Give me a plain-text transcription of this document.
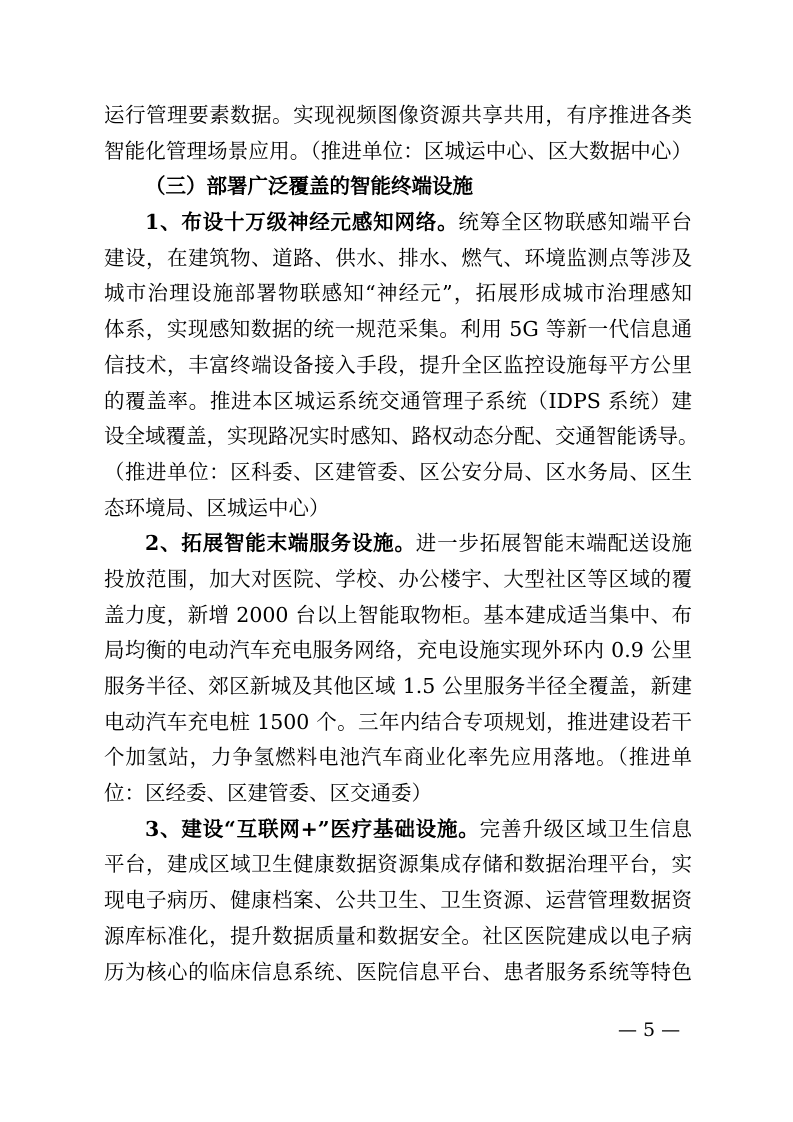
运行管理要素数据。实现视频图像资源共享共用，有序推进各类
智能化管理场景应用。（推进单位：区城运中心、区大数据中心）
（三）部署广泛覆盖的智能终端设施
1、布设十万级神经元感知网络。统筹全区物联感知端平台
建设，在建筑物、道路、供水、排水、燃气、环境监测点等涉及
城市治理设施部署物联感知“神经元”，拓展形成城市治理感知
体系，实现感知数据的统一规范采集。利用 5G 等新一代信息通
信技术，丰富终端设备接入手段，提升全区监控设施每平方公里
的覆盖率。推进本区城运系统交通管理子系统（IDPS 系统）建
设全域覆盖，实现路况实时感知、路权动态分配、交通智能诱导。
（推进单位：区科委、区建管委、区公安分局、区水务局、区生
态环境局、区城运中心）
2、拓展智能末端服务设施。进一步拓展智能末端配送设施
投放范围，加大对医院、学校、办公楼宇、大型社区等区域的覆
盖力度，新增 2000 台以上智能取物柜。基本建成适当集中、布
局均衡的电动汽车充电服务网络，充电设施实现外环内 0.9 公里
服务半径、郊区新城及其他区域 1.5 公里服务半径全覆盖，新建
电动汽车充电桩 1500 个。三年内结合专项规划，推进建设若干
个加氢站，力争氢燃料电池汽车商业化率先应用落地。（推进单
位：区经委、区建管委、区交通委）
3、建设“互联网+”医疗基础设施。完善升级区域卫生信息
平台，建成区域卫生健康数据资源集成存储和数据治理平台，实
现电子病历、健康档案、公共卫生、卫生资源、运营管理数据资
源库标准化，提升数据质量和数据安全。社区医院建成以电子病
历为核心的临床信息系统、医院信息平台、患者服务系统等特色
— 5 —
